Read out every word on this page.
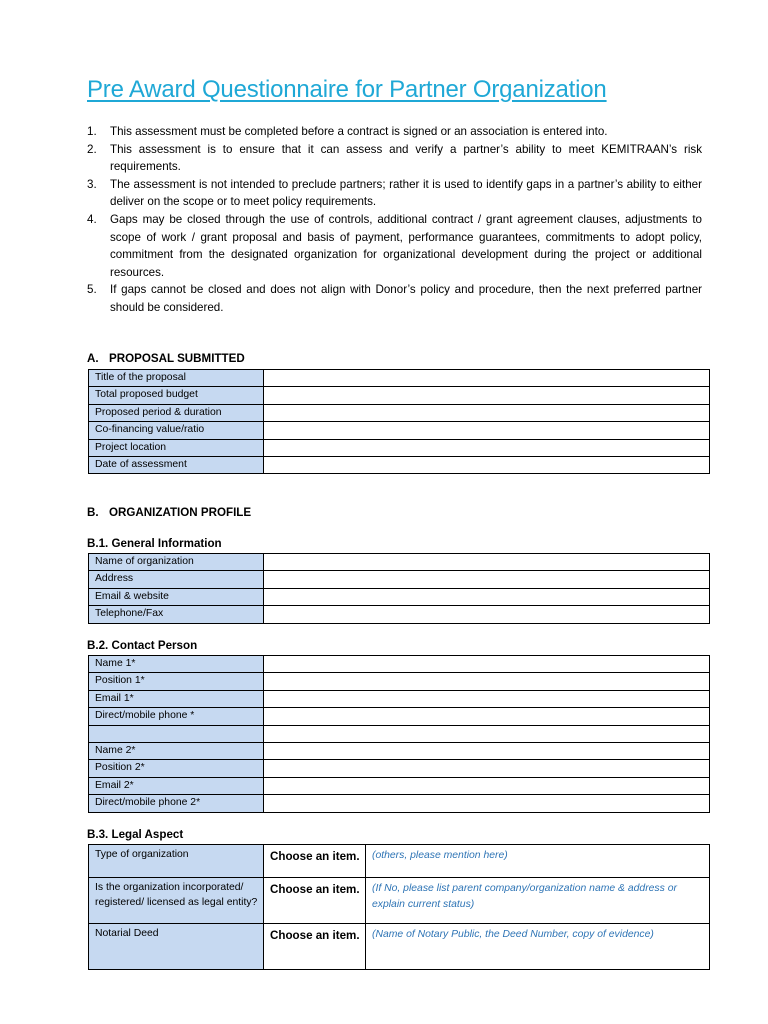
Pre Award Questionnaire for Partner Organization
1. This assessment must be completed before a contract is signed or an association is entered into.
2. This assessment is to ensure that it can assess and verify a partner’s ability to meet KEMITRAAN’s risk requirements.
3. The assessment is not intended to preclude partners; rather it is used to identify gaps in a partner’s ability to either deliver on the scope or to meet policy requirements.
4. Gaps may be closed through the use of controls, additional contract / grant agreement clauses, adjustments to scope of work / grant proposal and basis of payment, performance guarantees, commitments to adopt policy, commitment from the designated organization for organizational development during the project or additional resources.
5. If gaps cannot be closed and does not align with Donor’s policy and procedure, then the next preferred partner should be considered.
A. PROPOSAL SUBMITTED
Title of the proposal	
Total proposed budget	
Proposed period & duration	
Co-financing value/ratio	
Project location	
Date of assessment	
B. ORGANIZATION PROFILE
B.1. General Information
Name of organization	
Address	
Email & website	
Telephone/Fax	
B.2. Contact Person
Name 1*	
Position 1*	
Email 1*	
Direct/mobile phone *	

Name 2*	
Position 2*	
Email 2*	
Direct/mobile phone 2*	
B.3. Legal Aspect
Type of organization	Choose an item.	(others, please mention here)
Is the organization incorporated/ registered/ licensed as legal entity?	Choose an item.	(If No, please list parent company/organization name & address or explain current status)
Notarial Deed	Choose an item.	(Name of Notary Public, the Deed Number, copy of evidence)
